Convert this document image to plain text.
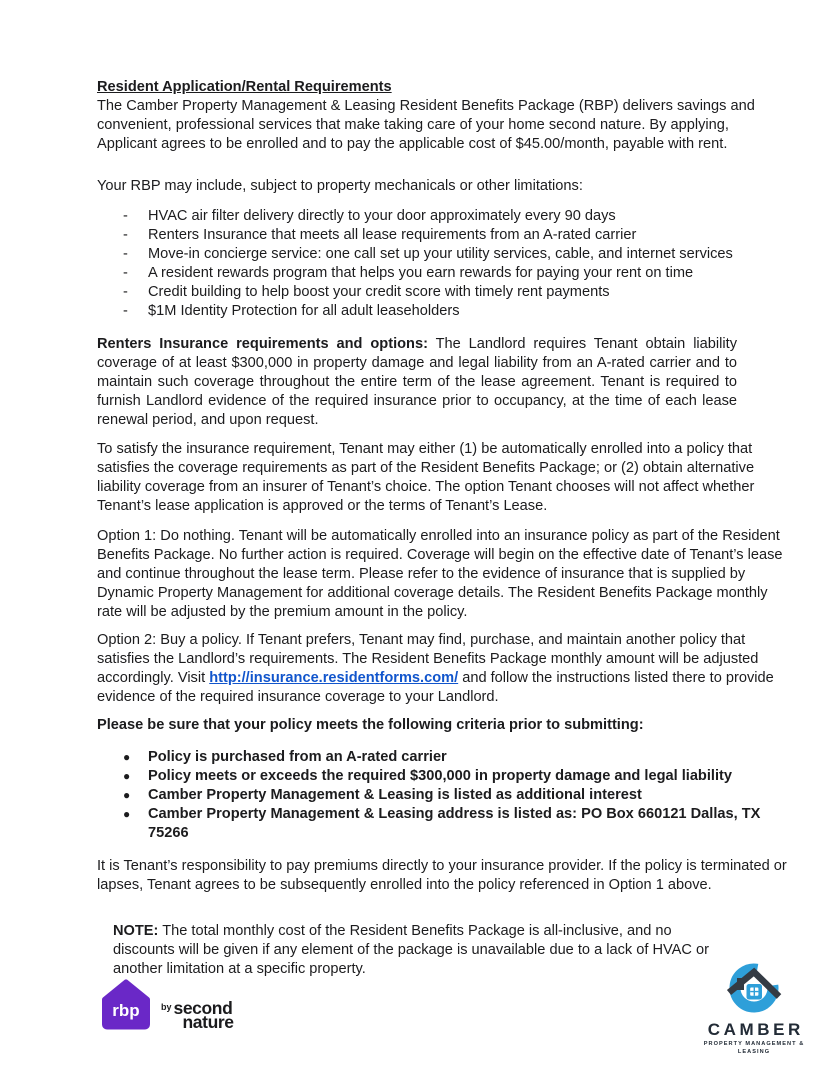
Resident Application/Rental Requirements

The Camber Property Management & Leasing Resident Benefits Package (RBP) delivers savings and convenient, professional services that make taking care of your home second nature. By applying, Applicant agrees to be enrolled and to pay the applicable cost of $45.00/month, payable with rent.

Your RBP may include, subject to property mechanicals or other limitations:

-	HVAC air filter delivery directly to your door approximately every 90 days
-	Renters Insurance that meets all lease requirements from an A-rated carrier
-	Move-in concierge service: one call set up your utility services, cable, and internet services
-	A resident rewards program that helps you earn rewards for paying your rent on time
-	Credit building to help boost your credit score with timely rent payments
-	$1M Identity Protection for all adult leaseholders

Renters Insurance requirements and options: The Landlord requires Tenant obtain liability coverage of at least $300,000 in property damage and legal liability from an A-rated carrier and to maintain such coverage throughout the entire term of the lease agreement. Tenant is required to furnish Landlord evidence of the required insurance prior to occupancy, at the time of each lease renewal period, and upon request.

To satisfy the insurance requirement, Tenant may either (1) be automatically enrolled into a policy that satisfies the coverage requirements as part of the Resident Benefits Package; or (2) obtain alternative liability coverage from an insurer of Tenant’s choice. The option Tenant chooses will not affect whether Tenant’s lease application is approved or the terms of Tenant’s Lease.

Option 1: Do nothing. Tenant will be automatically enrolled into an insurance policy as part of the Resident Benefits Package. No further action is required. Coverage will begin on the effective date of Tenant’s lease and continue throughout the lease term. Please refer to the evidence of insurance that is supplied by Dynamic Property Management for additional coverage details. The Resident Benefits Package monthly rate will be adjusted by the premium amount in the policy.

Option 2: Buy a policy. If Tenant prefers, Tenant may find, purchase, and maintain another policy that satisfies the Landlord’s requirements. The Resident Benefits Package monthly amount will be adjusted accordingly. Visit http://insurance.residentforms.com/ and follow the instructions listed there to provide evidence of the required insurance coverage to your Landlord.

Please be sure that your policy meets the following criteria prior to submitting:

●	Policy is purchased from an A-rated carrier
●	Policy meets or exceeds the required $300,000 in property damage and legal liability
●	Camber Property Management & Leasing is listed as additional interest
●	Camber Property Management & Leasing address is listed as: PO Box 660121 Dallas, TX 75266

It is Tenant’s responsibility to pay premiums directly to your insurance provider. If the policy is terminated or lapses, Tenant agrees to be subsequently enrolled into the policy referenced in Option 1 above.

NOTE: The total monthly cost of the Resident Benefits Package is all-inclusive, and no discounts will be given if any element of the package is unavailable due to a lack of HVAC or another limitation at a specific property.

rbp by second
nature	CAMBER
PROPERTY MANAGEMENT & LEASING
